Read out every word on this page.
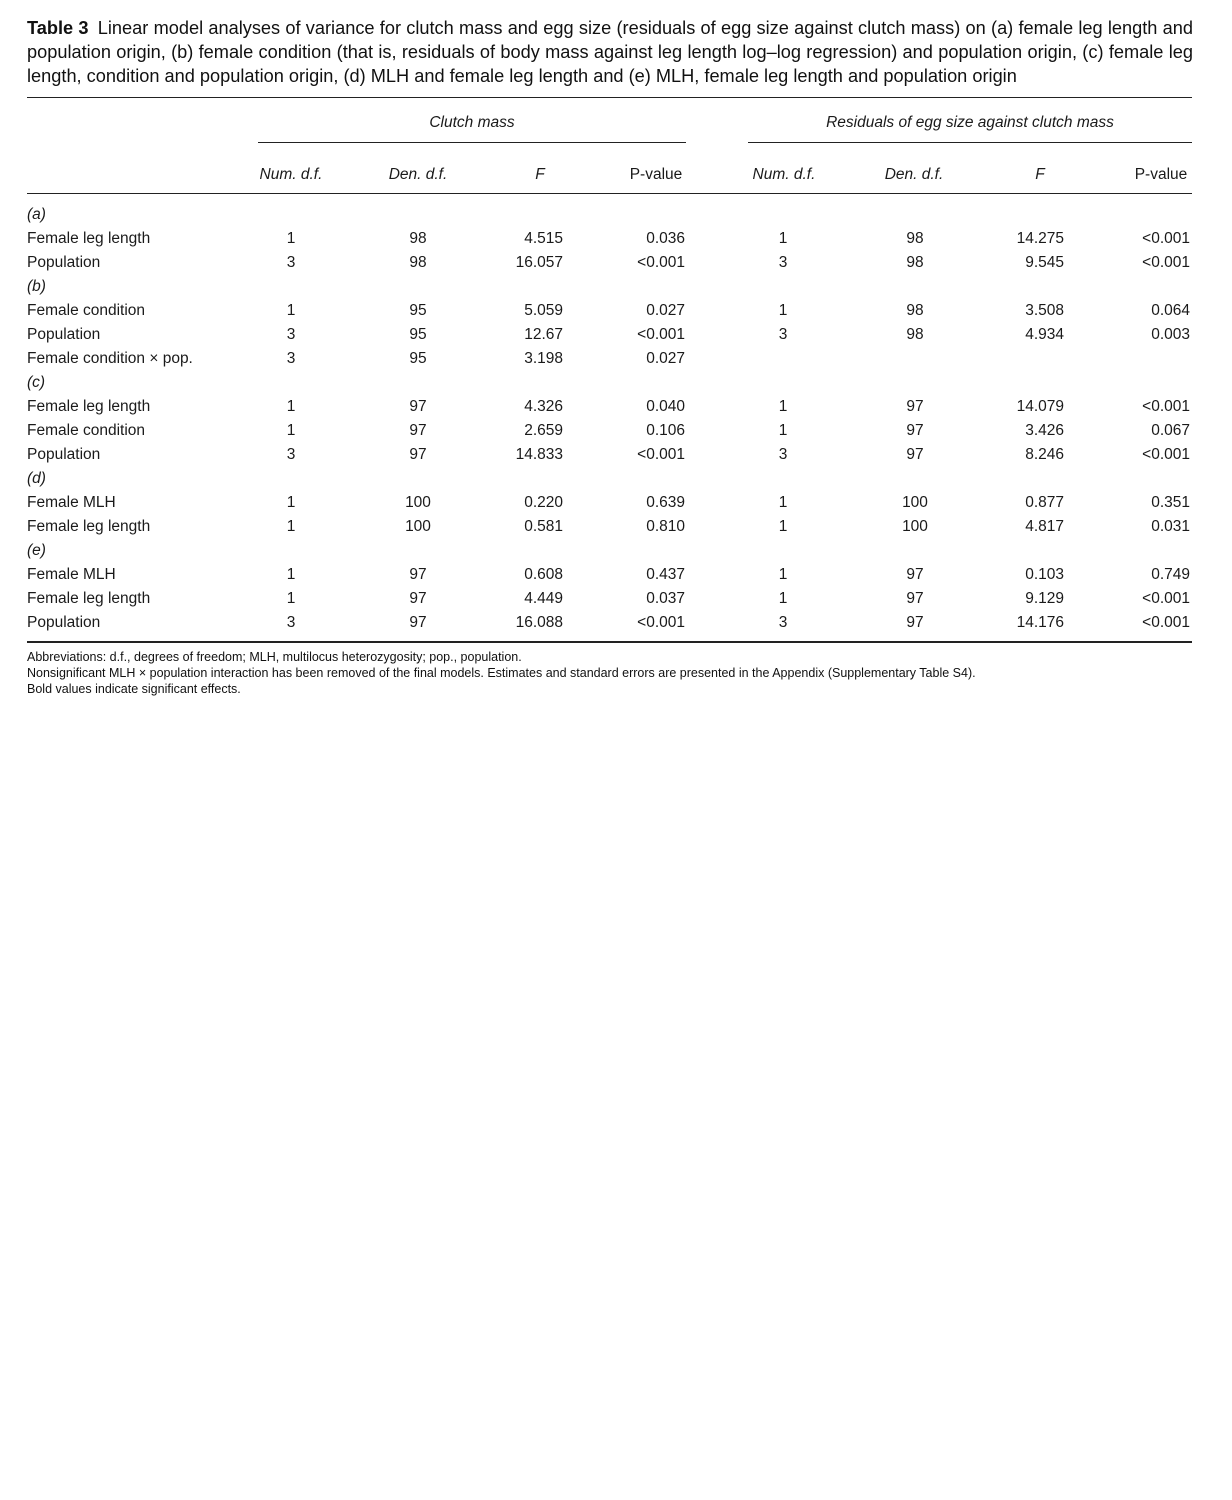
Table 3 Linear model analyses of variance for clutch mass and egg size (residuals of egg size against clutch mass) on (a) female leg length and population origin, (b) female condition (that is, residuals of body mass against leg length log–log regression) and population origin, (c) female leg length, condition and population origin, (d) MLH and female leg length and (e) MLH, female leg length and population origin
Clutch mass	Residuals of egg size against clutch mass
Num. d.f.	Den. d.f.	F	P-value	Num. d.f.	Den. d.f.	F	P-value
(a)
Female leg length	1	98	4.515	0.036	1	98	14.275	<0.001
Population	3	98	16.057	<0.001	3	98	9.545	<0.001
(b)
Female condition	1	95	5.059	0.027	1	98	3.508	0.064
Population	3	95	12.67	<0.001	3	98	4.934	0.003
Female condition × pop.	3	95	3.198	0.027
(c)
Female leg length	1	97	4.326	0.040	1	97	14.079	<0.001
Female condition	1	97	2.659	0.106	1	97	3.426	0.067
Population	3	97	14.833	<0.001	3	97	8.246	<0.001
(d)
Female MLH	1	100	0.220	0.639	1	100	0.877	0.351
Female leg length	1	100	0.581	0.810	1	100	4.817	0.031
(e)
Female MLH	1	97	0.608	0.437	1	97	0.103	0.749
Female leg length	1	97	4.449	0.037	1	97	9.129	<0.001
Population	3	97	16.088	<0.001	3	97	14.176	<0.001
Abbreviations: d.f., degrees of freedom; MLH, multilocus heterozygosity; pop., population.
Nonsignificant MLH × population interaction has been removed of the final models. Estimates and standard errors are presented in the Appendix (Supplementary Table S4).
Bold values indicate significant effects.
